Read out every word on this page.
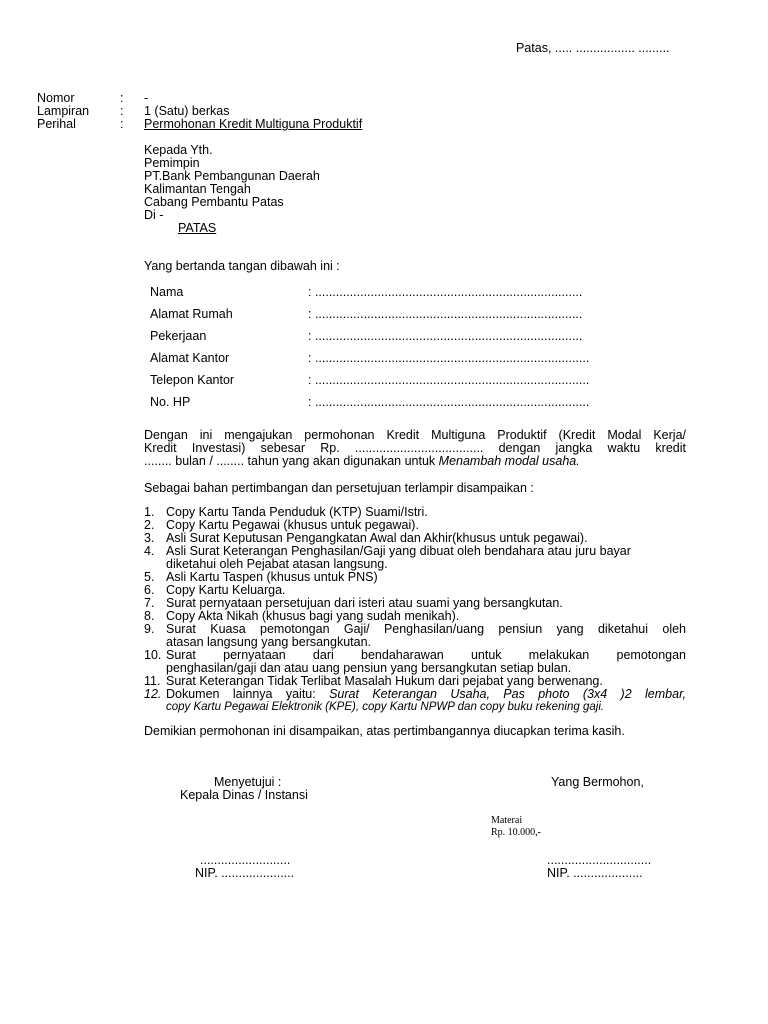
Patas, ..... ................. .........
Nomor	: -
Lampiran : 1 (Satu) berkas
Perihal	: Permohonan Kredit Multiguna Produktif
Kepada Yth.
Pemimpin
PT.Bank Pembangunan Daerah
Kalimantan Tengah
Cabang Pembantu Patas
Di -
PATAS
Yang bertanda tangan dibawah ini :
Nama	: .............................................................................
Alamat Rumah	: .............................................................................
Pekerjaan	: .............................................................................
Alamat Kantor	: ...............................................................................
Telepon Kantor	: ...............................................................................
No. HP	: ...............................................................................
Dengan ini mengajukan permohonan Kredit Multiguna Produktif (Kredit Modal Kerja/
Kredit Investasi) sebesar Rp. ..................................... dengan jangka waktu kredit
........ bulan / ........ tahun yang akan digunakan untuk Menambah modal usaha.
Sebagai bahan pertimbangan dan persetujuan terlampir disampaikan :
1. Copy Kartu Tanda Penduduk (KTP) Suami/Istri.
2. Copy Kartu Pegawai (khusus untuk pegawai).
3. Asli Surat Keputusan Pengangkatan Awal dan Akhir(khusus untuk pegawai).
4. Asli Surat Keterangan Penghasilan/Gaji yang dibuat oleh bendahara atau juru bayar
diketahui oleh Pejabat atasan langsung.
5. Asli Kartu Taspen (khusus untuk PNS)
6. Copy Kartu Keluarga.
7. Surat pernyataan persetujuan dari isteri atau suami yang bersangkutan.
8. Copy Akta Nikah (khusus bagi yang sudah menikah).
9. Surat Kuasa pemotongan Gaji/ Penghasilan/uang pensiun yang diketahui oleh
atasan langsung yang bersangkutan.
10. Surat pernyataan dari bendaharawan untuk melakukan pemotongan
penghasilan/gaji dan atau uang pensiun yang bersangkutan setiap bulan.
11. Surat Keterangan Tidak Terlibat Masalah Hukum dari pejabat yang berwenang.
12. Dokumen lainnya yaitu: Surat Keterangan Usaha, Pas photo (3x4 )2 lembar,
copy Kartu Pegawai Elektronik (KPE), copy Kartu NPWP dan copy buku rekening gaji.
Demikian permohonan ini disampaikan, atas pertimbangannya diucapkan terima kasih.
Menyetujui :
Kepala Dinas / Instansi
Yang Bermohon,
Materai
Rp. 10.000,-
..........................
NIP. .....................
..............................
NIP. ....................
